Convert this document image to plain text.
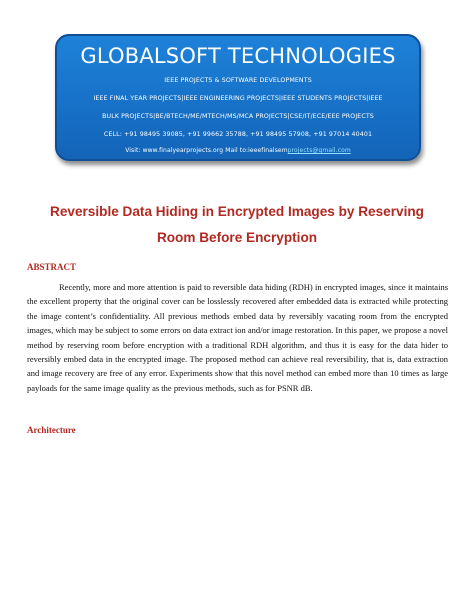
GLOBALSOFT TECHNOLOGIES
IEEE PROJECTS & SOFTWARE DEVELOPMENTS
IEEE FINAL YEAR PROJECTS|IEEE ENGINEERING PROJECTS|IEEE STUDENTS PROJECTS|IEEE
BULK PROJECTS|BE/BTECH/ME/MTECH/MS/MCA PROJECTS|CSE/IT/ECE/EEE PROJECTS
CELL: +91 98495 39085, +91 99662 35788, +91 98495 57908, +91 97014 40401
Visit: www.finalyearprojects.org Mail to:ieeefinalsemprojects@gmail.com
Reversible Data Hiding in Encrypted Images by Reserving
Room Before Encryption
ABSTRACT

Recently, more and more attention is paid to reversible data hiding (RDH) in encrypted images, since it maintains the excellent property that the original cover can be losslessly recovered after embedded data is extracted while protecting the image content’s confidentiality. All previous methods embed data by reversibly vacating room from the encrypted images, which may be subject to some errors on data extract ion and/or image restoration. In this paper, we propose a novel method by reserving room before encryption with a traditional RDH algorithm, and thus it is easy for the data hider to reversibly embed data in the encrypted image. The proposed method can achieve real reversibility, that is, data extraction and image recovery are free of any error. Experiments show that this novel method can embed more than 10 times as large payloads for the same image quality as the previous methods, such as for PSNR dB.

Architecture
